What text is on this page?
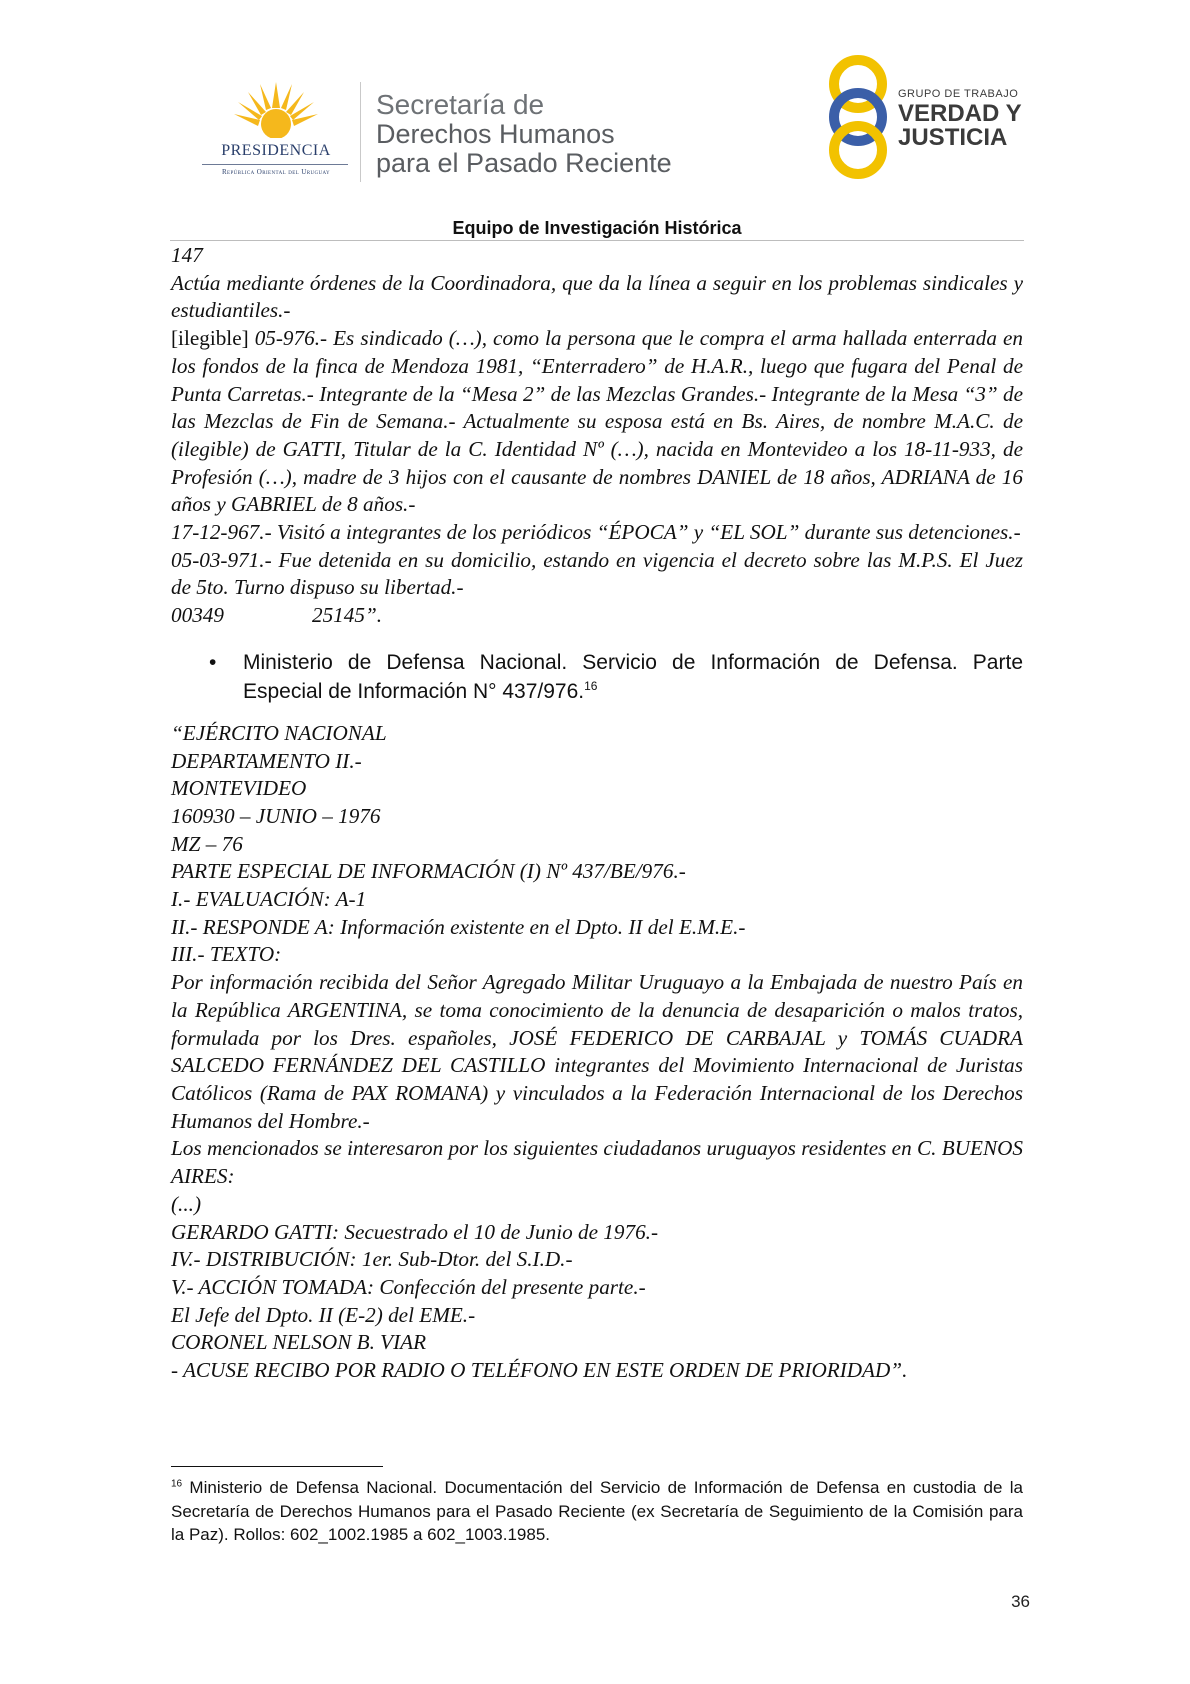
PRESIDENCIA
República Oriental del Uruguay
Secretaría de
Derechos Humanos
para el Pasado Reciente
GRUPO DE TRABAJO
VERDAD Y
JUSTICIA
Equipo de Investigación Histórica

147

Actúa mediante órdenes de la Coordinadora, que da la línea a seguir en los problemas sindicales y estudiantiles.-

[ilegible] 05-976.- Es sindicado (…), como la persona que le compra el arma hallada enterrada en los fondos de la finca de Mendoza 1981, “Enterradero” de H.A.R., luego que fugara del Penal de Punta Carretas.- Integrante de la “Mesa 2” de las Mezclas Grandes.- Integrante de la Mesa “3” de las Mezclas de Fin de Semana.- Actualmente su esposa está en Bs. Aires, de nombre M.A.C. de (ilegible) de GATTI, Titular de la C. Identidad Nº (…), nacida en Montevideo a los 18-11-933, de Profesión (…), madre de 3 hijos con el causante de nombres DANIEL de 18 años, ADRIANA de 16 años y GABRIEL de 8 años.-

17-12-967.- Visitó a integrantes de los periódicos “ÉPOCA” y “EL SOL” durante sus detenciones.-

05-03-971.- Fue detenida en su domicilio, estando en vigencia el decreto sobre las M.P.S. El Juez de 5to. Turno dispuso su libertad.-

00349	25145”.

• Ministerio de Defensa Nacional. Servicio de Información de Defensa. Parte Especial de Información N° 437/976.16

“EJÉRCITO NACIONAL

DEPARTAMENTO II.-

MONTEVIDEO

160930 – JUNIO – 1976

MZ – 76

PARTE ESPECIAL DE INFORMACIÓN (I) Nº 437/BE/976.-

I.- EVALUACIÓN: A-1

II.- RESPONDE A: Información existente en el Dpto. II del E.M.E.-

III.- TEXTO:

Por información recibida del Señor Agregado Militar Uruguayo a la Embajada de nuestro País en la República ARGENTINA, se toma conocimiento de la denuncia de desaparición o malos tratos, formulada por los Dres. españoles, JOSÉ FEDERICO DE CARBAJAL y TOMÁS CUADRA SALCEDO FERNÁNDEZ DEL CASTILLO integrantes del Movimiento Internacional de Juristas Católicos (Rama de PAX ROMANA) y vinculados a la Federación Internacional de los Derechos Humanos del Hombre.-

Los mencionados se interesaron por los siguientes ciudadanos uruguayos residentes en C. BUENOS AIRES:

(...)

GERARDO GATTI: Secuestrado el 10 de Junio de 1976.-

IV.- DISTRIBUCIÓN: 1er. Sub-Dtor. del S.I.D.-

V.- ACCIÓN TOMADA: Confección del presente parte.-

El Jefe del Dpto. II (E-2) del EME.-

CORONEL NELSON B. VIAR

- ACUSE RECIBO POR RADIO O TELÉFONO EN ESTE ORDEN DE PRIORIDAD”.

$^{16}$ Ministerio de Defensa Nacional. Documentación del Servicio de Información de Defensa en custodia de la Secretaría de Derechos Humanos para el Pasado Reciente (ex Secretaría de Seguimiento de la Comisión para la Paz). Rollos: 602_1002.1985 a 602_1003.1985.
36
